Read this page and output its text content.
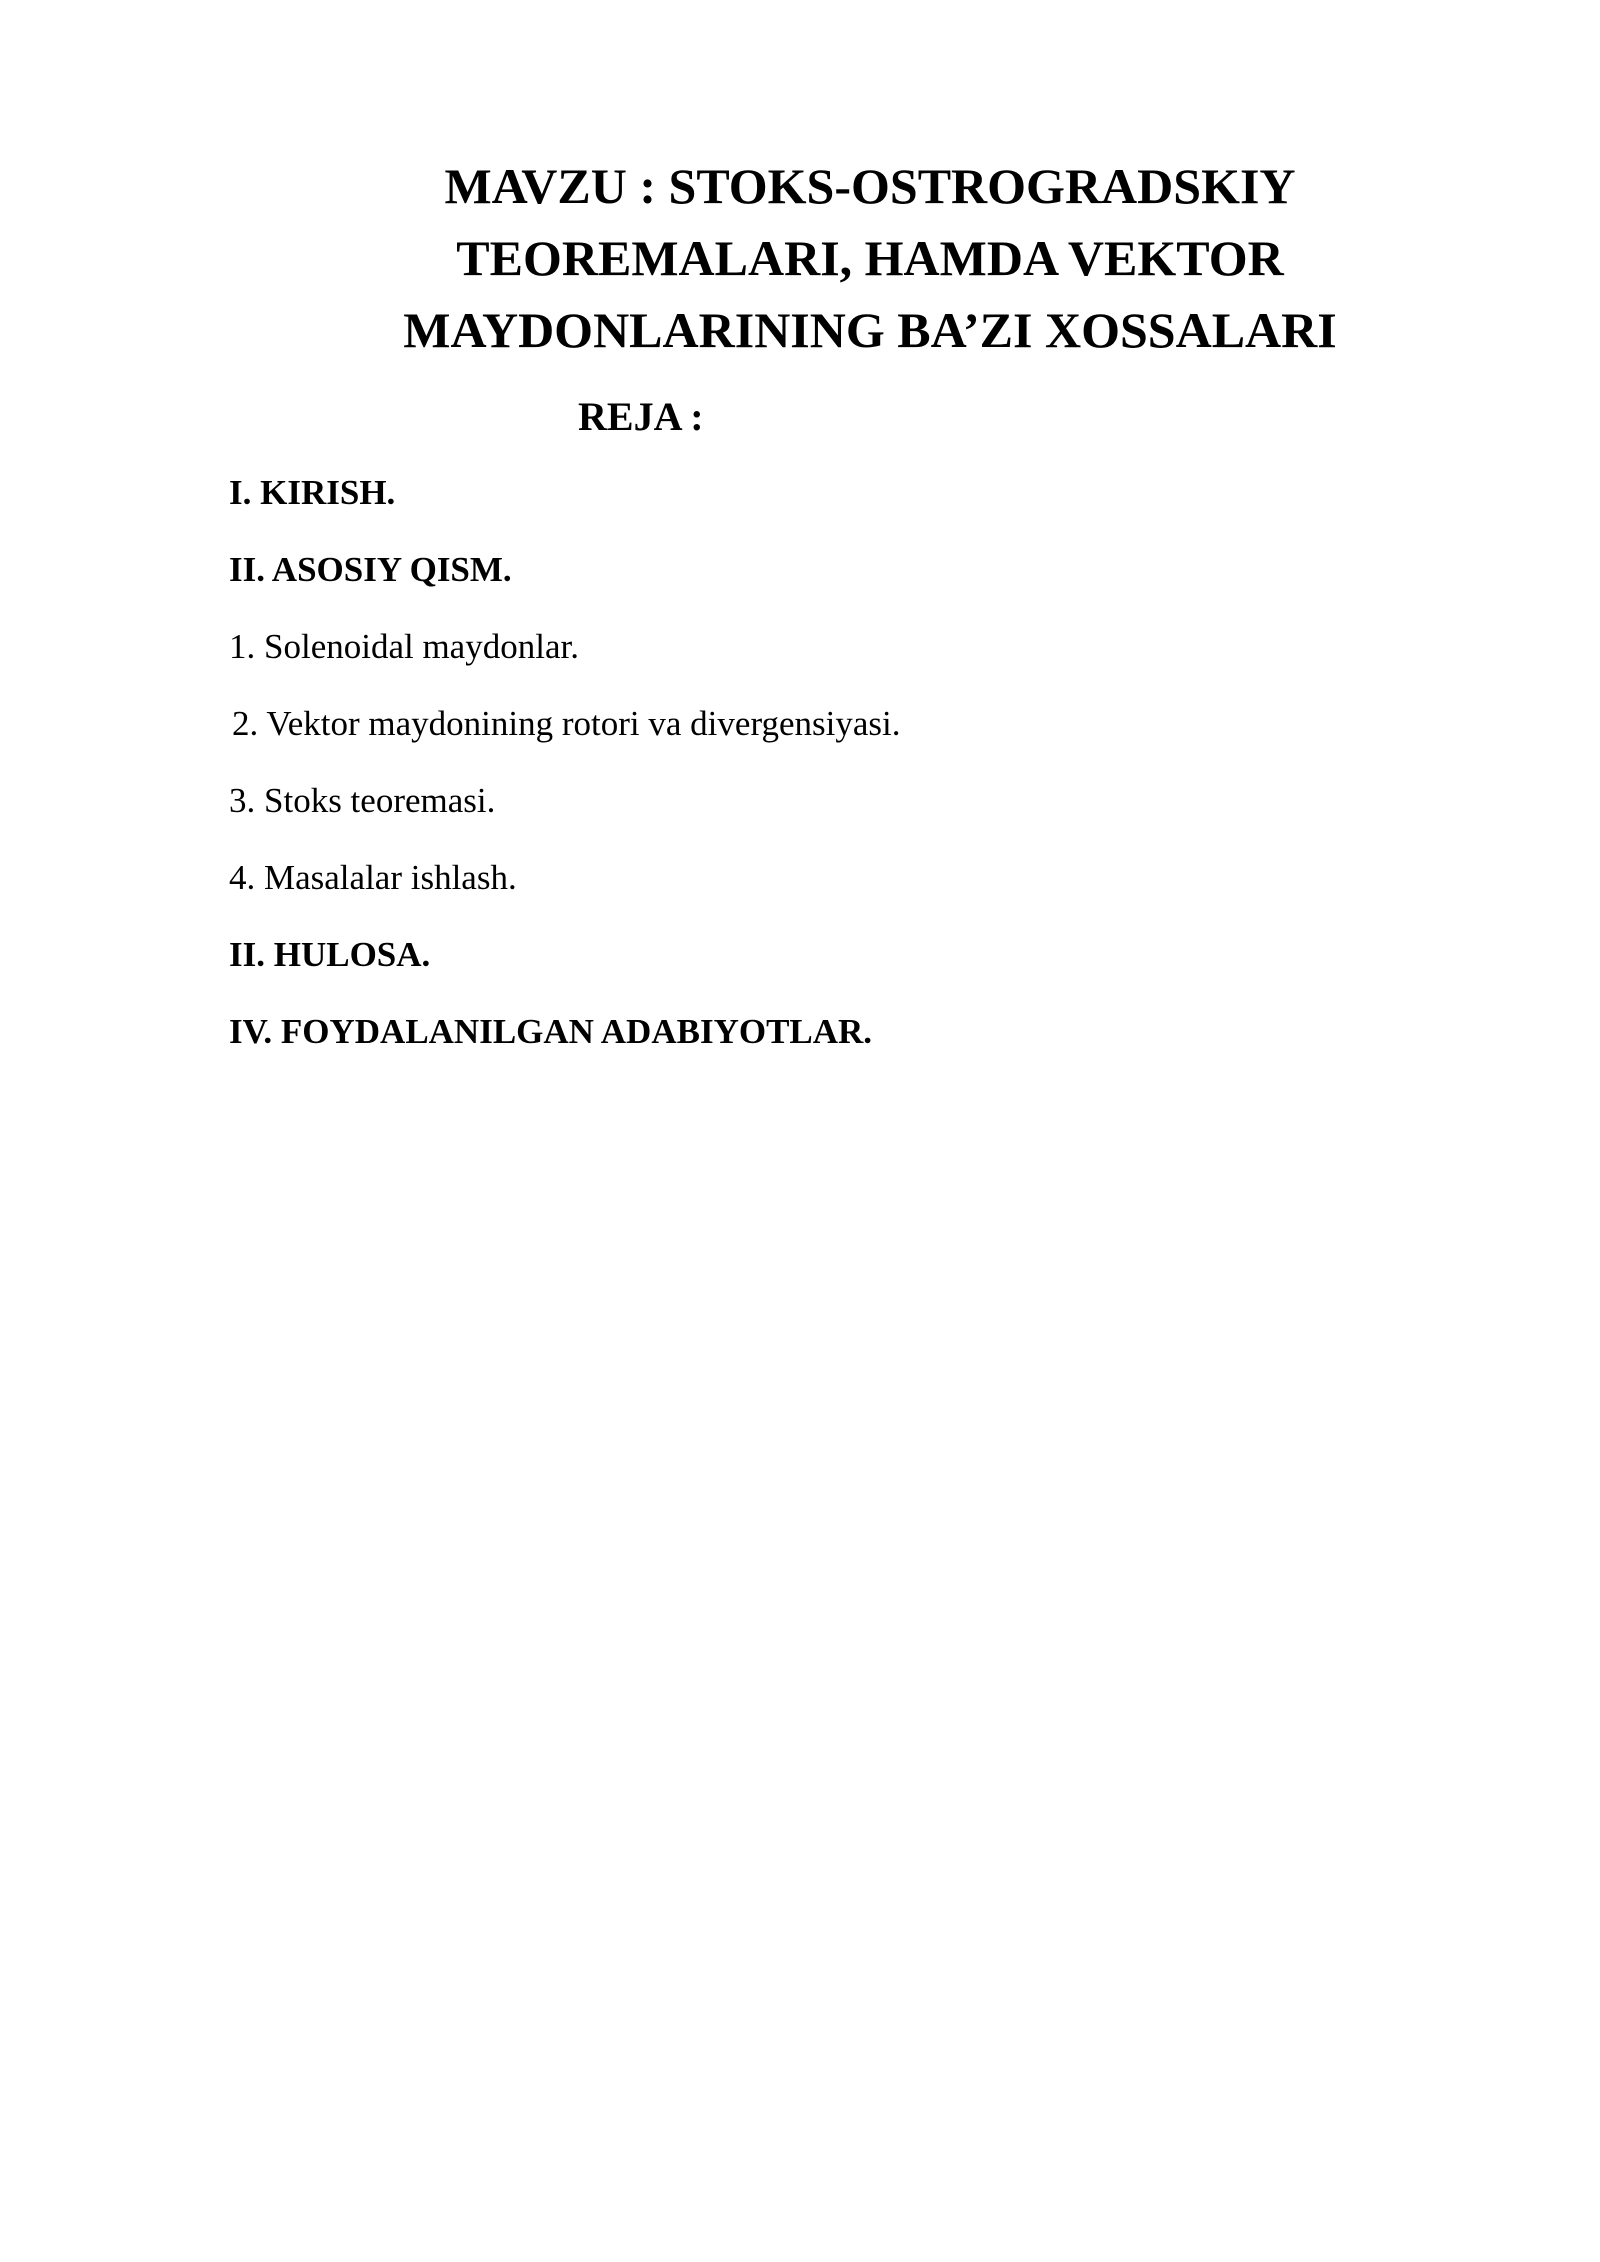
MAVZU : STOKS-OSTROGRADSKIY
TEOREMALARI, HAMDA VEKTOR
MAYDONLARINING BA’ZI XOSSALARI
REJA :
I. KIRISH.
II. ASOSIY QISM.
1. Solenoidal maydonlar.
2. Vektor maydonining rotori va divergensiyasi.
3. Stoks teoremasi.
4. Masalalar ishlash.
II. HULOSA.
IV. FOYDALANILGAN ADABIYOTLAR.
